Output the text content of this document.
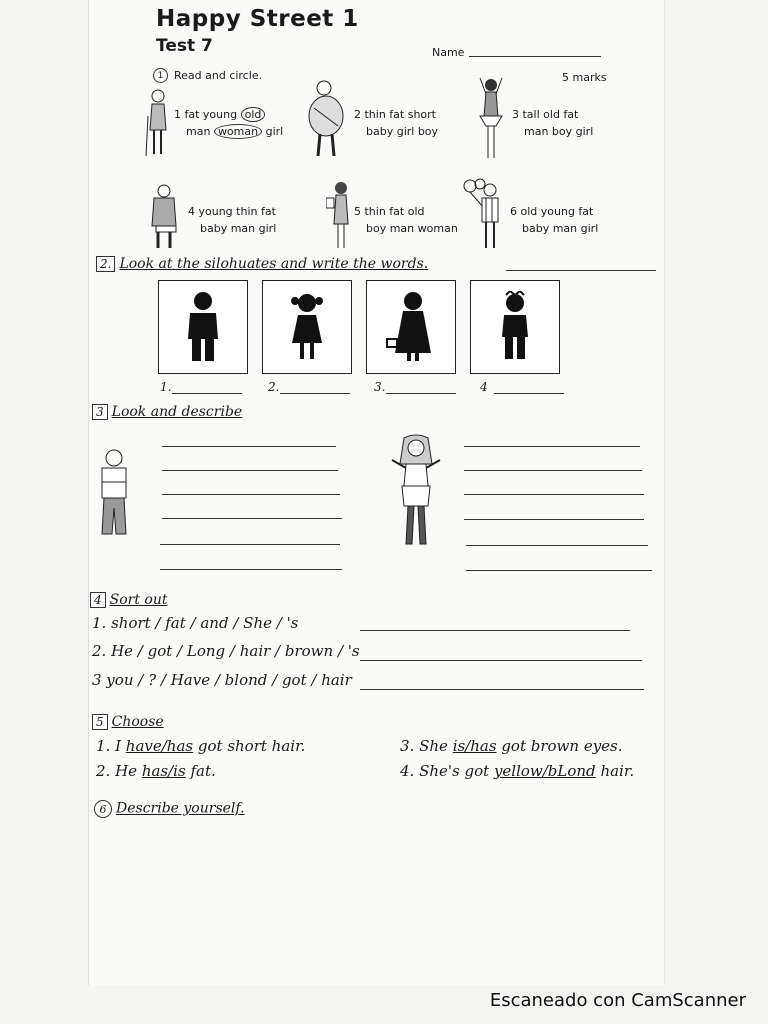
Happy Street 1
Test 7	Name
1 Read and circle.	5 marks
1 fat young old
man woman girl
2 thin fat short
baby girl boy
3 tall old fat
man boy girl
4 young thin fat
baby man girl
5 thin fat old
boy man woman
6 old young fat
baby man girl
2. Look at the silohuates and write the words.
1.	2.	3.	4
3 Look and describe
4 Sort out
1. short / fat / and / She / 's
2. He / got / Long / hair / brown / 's
3 you / ? / Have / blond / got / hair
5 Choose
1. I have/has got short hair.
2. He has/is fat.
3. She is/has got brown eyes.
4. She's got yellow/bLond hair.
6 Describe yourself.
Escaneado con CamScanner
